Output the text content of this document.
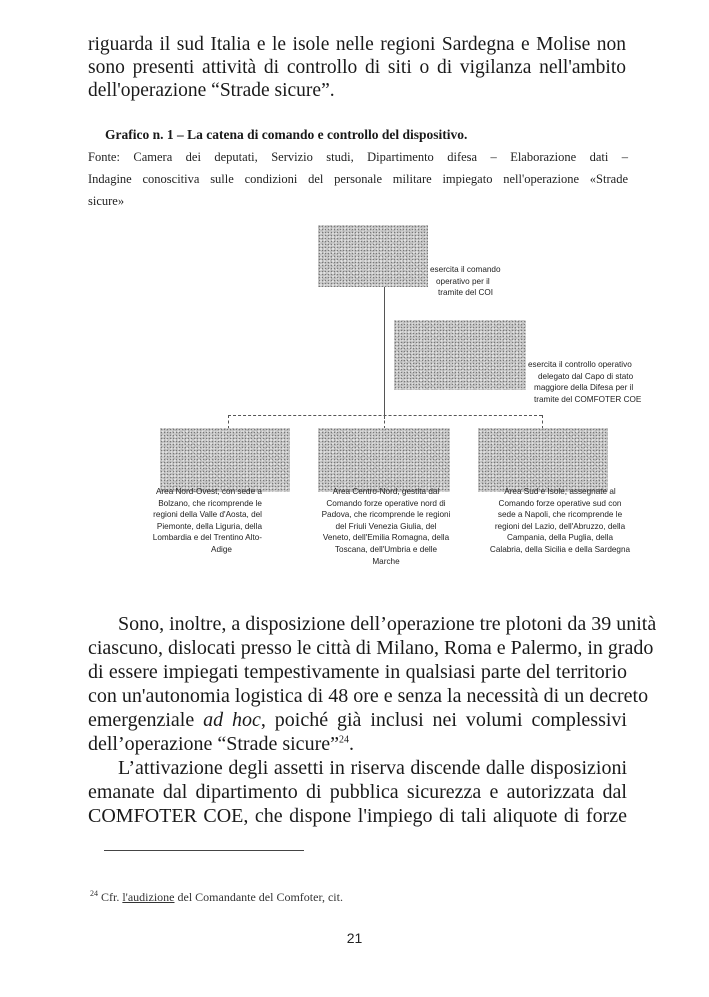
riguarda il sud Italia e le isole nelle regioni Sardegna e Molise non
sono presenti attività di controllo di siti o di vigilanza nell'ambito
dell'operazione “Strade sicure”.

Grafico n. 1 – La catena di comando e controllo del dispositivo.

Fonte: Camera dei deputati, Servizio studi, Dipartimento difesa – Elaborazione dati –
Indagine conoscitiva sulle condizioni del personale militare impiegato nell'operazione «Strade
sicure»

esercita il comando
operativo per il
tramite del COI
esercita il controllo operativo
delegato dal Capo di stato
maggiore della Difesa per il
tramite del COMFOTER COE
Area Nord-Ovest, con sede a
Bolzano, che ricomprende le
regioni della Valle d'Aosta, del
Piemonte, della Liguria, della
Lombardia e del Trentino Alto-
Adige
Area Centro-Nord, gestita dal
Comando forze operative nord di
Padova, che ricomprende le regioni
del Friuli Venezia Giulia, del
Veneto, dell'Emilia Romagna, della
Toscana, dell'Umbria e delle
Marche
Area Sud e Isole, assegnate al
Comando forze operative sud con
sede a Napoli, che ricomprende le
regioni del Lazio, dell'Abruzzo, della
Campania, della Puglia, della
Calabria, della Sicilia e della Sardegna

Sono, inoltre, a disposizione dell’operazione tre plotoni da 39 unità
ciascuno, dislocati presso le città di Milano, Roma e Palermo, in grado
di essere impiegati tempestivamente in qualsiasi parte del territorio
con un'autonomia logistica di 48 ore e senza la necessità di un decreto
emergenziale ad hoc, poiché già inclusi nei volumi complessivi
dell’operazione “Strade sicure”$^{24}$.

L’attivazione degli assetti in riserva discende dalle disposizioni
emanate dal dipartimento di pubblica sicurezza e autorizzata dal
COMFOTER COE, che dispone l'impiego di tali aliquote di forze

$^{24}$ Cfr. l'audizione del Comandante del Comfoter, cit.

21
